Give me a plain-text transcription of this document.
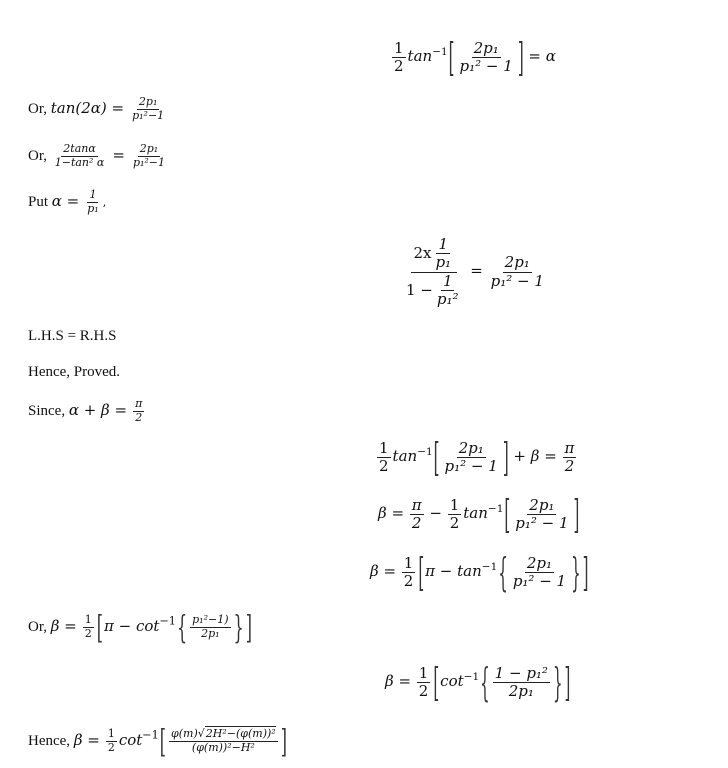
$\frac{1}{2} \tan^{-1}[ \frac{\text{2p₁}}{\text{p₁² − 1}}$ ] = α
Or, $\tan(2\alpha) = \frac{\text{2p₁}}{\text{p₁²−1}}$
Or, $\frac{2\tan\alpha}{\text{1−tan² α}} = \frac{\text{2p₁}}{\text{p₁²−1}}$
Put $\alpha = \frac{1}{\text{p₁}}$ ,
$\frac{2x \frac{1}{\text{p₁}}}{1 - \frac{1}{\text{p₁²}}} = \frac{\text{2p₁}}{\text{p₁² − 1}}$
L.H.S = R.H.S
Hence, Proved.
Since, $\alpha + \beta = \frac{\pi}{2}$
$\frac{1}{2} \tan^{-1}[ \frac{\text{2p₁}}{\text{p₁² − 1}}$ ] + $\beta = \frac{\pi}{2}$
$\beta = \frac{\pi}{2} - \frac{1}{2} \tan^{-1}[ \frac{\text{2p₁}}{\text{p₁² − 1}}$ ]
$\beta = \frac{1}{2} [\pi - \tan^{-1}\{ \frac{\text{2p₁}}{\text{p₁² − 1}}$ } ]
Or, $\beta = \frac{1}{2} [\pi - \cot^{-1}\{ \frac{\text{p₁²−1)}}{\text{2p₁}}$ } ]
$\beta = \frac{1}{2} [\cot^{-1}\{ \frac{\text{1 − p₁²}}{\text{2p₁}}$ } ]
Hence, $\beta = \frac{1}{2} \cot^{-1}[ \frac{\text{φ(m)√2H²−(φ(m))²}}{\text{(φ(m))²−H²}}$ ]
